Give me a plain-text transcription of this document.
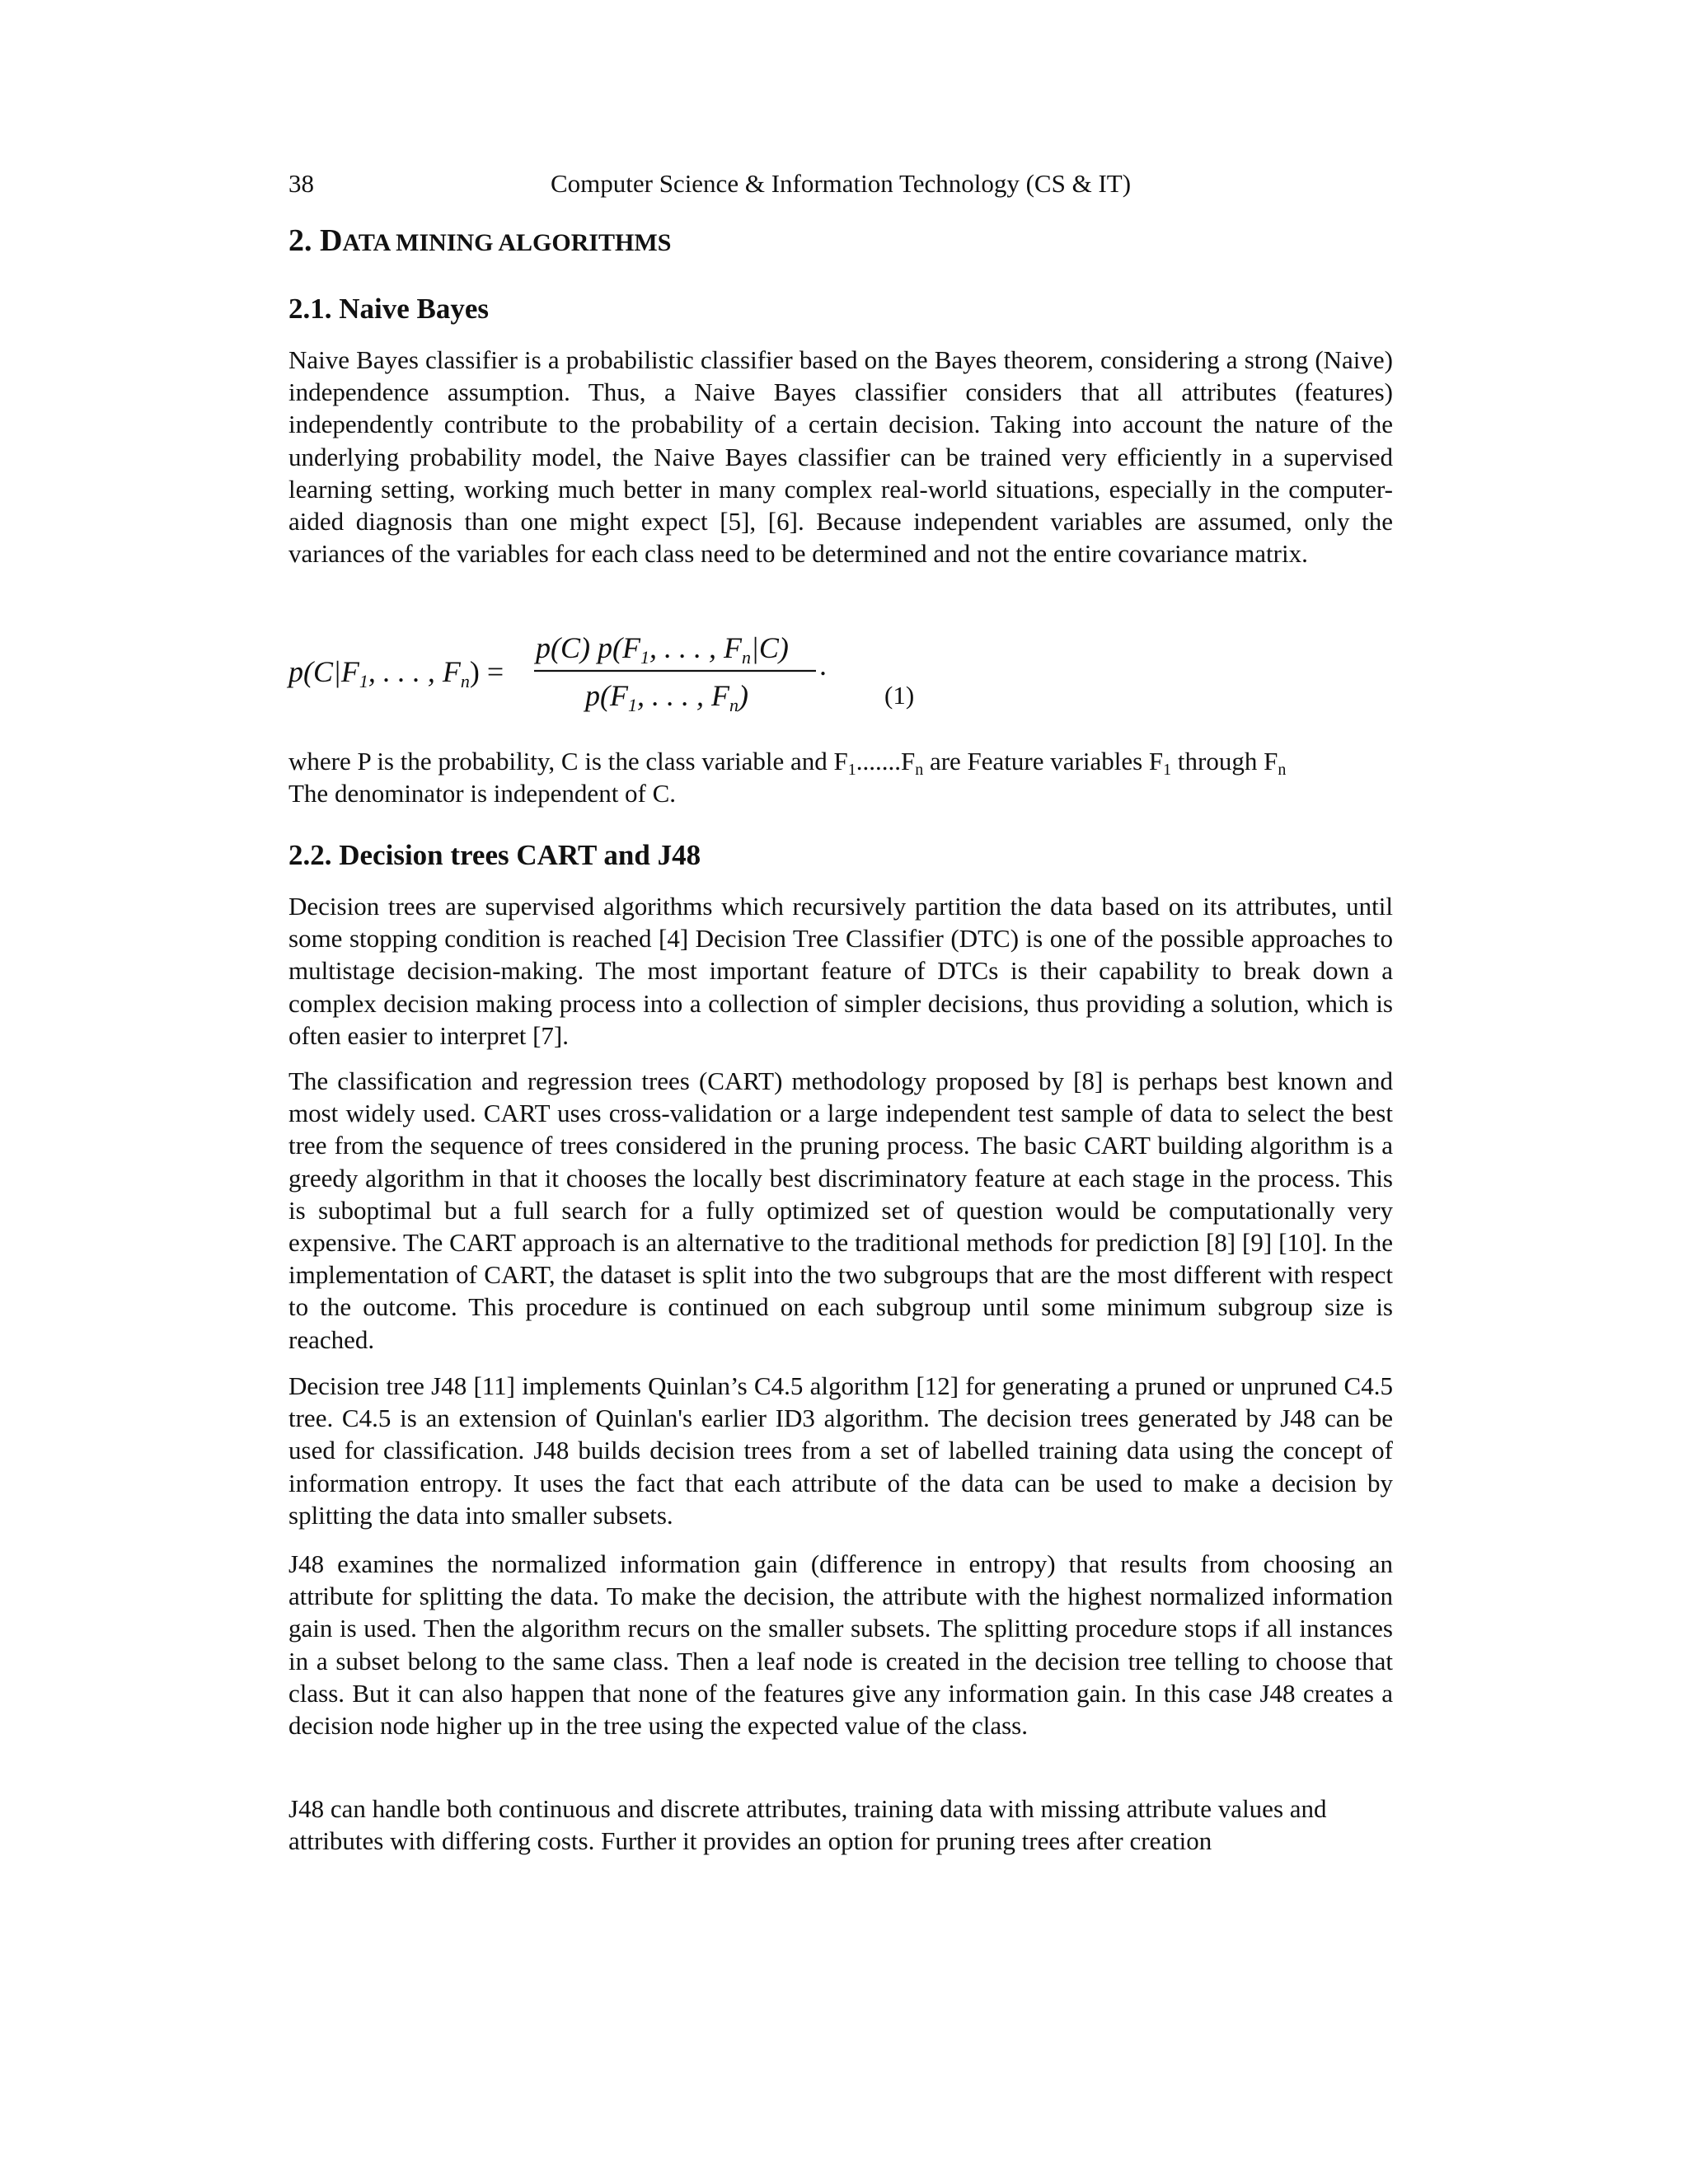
38	Computer Science & Information Technology (CS & IT)
2. DATA MINING ALGORITHMS
2.1. Naive Bayes

Naive Bayes classifier is a probabilistic classifier based on the Bayes theorem, considering a strong (Naive) independence assumption. Thus, a Naive Bayes classifier considers that all attributes (features) independently contribute to the probability of a certain decision. Taking into account the nature of the underlying probability model, the Naive Bayes classifier can be trained very efficiently in a supervised learning setting, working much better in many complex real-world situations, especially in the computer-aided diagnosis than one might expect [5], [6]. Because independent variables are assumed, only the variances of the variables for each class need to be determined and not the entire covariance matrix.

p(C|F1, . . . , Fn) =
p(C) p(F1, . . . , Fn|C)
.
p(F1, . . . , Fn)	(1)

where P is the probability, C is the class variable and $F_1.......F_n$ are Feature variables $F_1$ through $F_n$
The denominator is independent of C.

2.2. Decision trees CART and J48

Decision trees are supervised algorithms which recursively partition the data based on its attributes, until some stopping condition is reached [4] Decision Tree Classifier (DTC) is one of the possible approaches to multistage decision-making. The most important feature of DTCs is their capability to break down a complex decision making process into a collection of simpler decisions, thus providing a solution, which is often easier to interpret [7].

The classification and regression trees (CART) methodology proposed by [8] is perhaps best known and most widely used. CART uses cross-validation or a large independent test sample of data to select the best tree from the sequence of trees considered in the pruning process. The basic CART building algorithm is a greedy algorithm in that it chooses the locally best discriminatory feature at each stage in the process. This is suboptimal but a full search for a fully optimized set of question would be computationally very expensive. The CART approach is an alternative to the traditional methods for prediction [8] [9] [10]. In the implementation of CART, the dataset is split into the two subgroups that are the most different with respect to the outcome. This procedure is continued on each subgroup until some minimum subgroup size is reached.

Decision tree J48 [11] implements Quinlan’s C4.5 algorithm [12] for generating a pruned or unpruned C4.5 tree. C4.5 is an extension of Quinlan's earlier ID3 algorithm. The decision trees generated by J48 can be used for classification. J48 builds decision trees from a set of labelled training data using the concept of information entropy. It uses the fact that each attribute of the data can be used to make a decision by splitting the data into smaller subsets.

J48 examines the normalized information gain (difference in entropy) that results from choosing an attribute for splitting the data. To make the decision, the attribute with the highest normalized information gain is used. Then the algorithm recurs on the smaller subsets. The splitting procedure stops if all instances in a subset belong to the same class. Then a leaf node is created in the decision tree telling to choose that class. But it can also happen that none of the features give any information gain. In this case J48 creates a decision node higher up in the tree using the expected value of the class.

J48 can handle both continuous and discrete attributes, training data with missing attribute values and attributes with differing costs. Further it provides an option for pruning trees after creation
